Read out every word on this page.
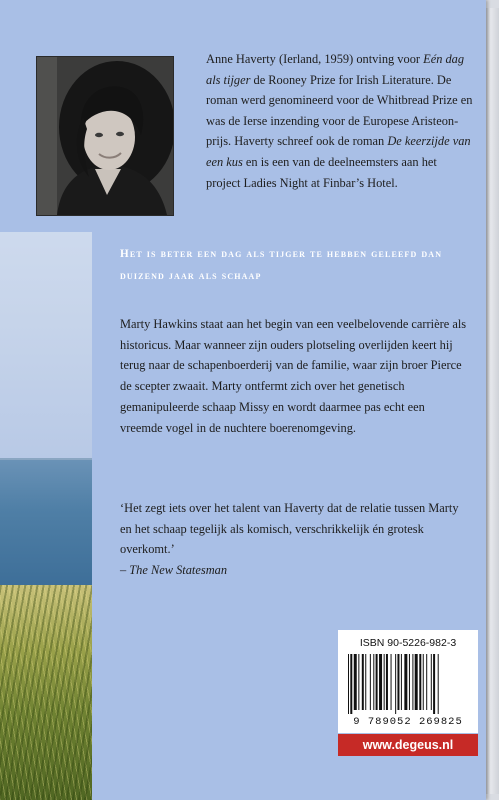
Anne Haverty (Ierland, 1959) ontving voor Eén dag als tijger de Rooney Prize for Irish Literature. De roman werd genomineerd voor de Whitbread Prize en was de Ierse inzending voor de Europese Aristeon-prijs. Haverty schreef ook de roman De keerzijde van een kus en is een van de deelneemsters aan het project Ladies Night at Finbar’s Hotel.

Het is beter een dag als tijger te hebben geleefd dan duizend jaar als schaap

Marty Hawkins staat aan het begin van een veelbelovende carrière als historicus. Maar wanneer zijn ouders plotseling overlijden keert hij terug naar de schapenboerderij van de familie, waar zijn broer Pierce de scepter zwaait. Marty ontfermt zich over het genetisch gemanipuleerde schaap Missy en wordt daarmee pas echt een vreemde vogel in de nuchtere boerenomgeving.

‘Het zegt iets over het talent van Haverty dat de relatie tussen Marty en het schaap tegelijk als komisch, verschrikkelijk én grotesk overkomt.’
– The New Statesman

ISBN 90-5226-982-3
9 789052 269825
www.degeus.nl
